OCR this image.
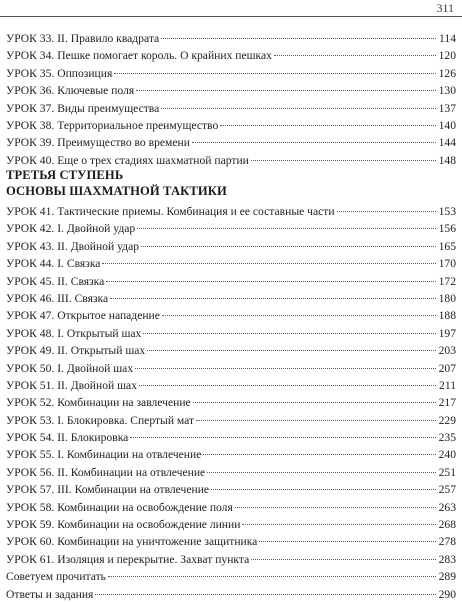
311
УРОК 33. II. Правило квадрата	114
УРОК 34. Пешке помогает король. О крайних пешках	120
УРОК 35. Оппозиция	126
УРОК 36. Ключевые поля	130
УРОК 37. Виды преимущества	137
УРОК 38. Территориальное преимущество	140
УРОК 39. Преимущество во времени	144
УРОК 40. Еще о трех стадиях шахматной партии	148
ТРЕТЬЯ СТУПЕНЬ
ОСНОВЫ ШАХМАТНОЙ ТАКТИКИ
УРОК 41. Тактические приемы. Комбинация и ее составные части	153
УРОК 42. I. Двойной удар	156
УРОК 43. II. Двойной удар	165
УРОК 44. I. Связка	170
УРОК 45. II. Связка	172
УРОК 46. III. Связка	180
УРОК 47. Открытое нападение	188
УРОК 48. I. Открытый шах	197
УРОК 49. II. Открытый шах	203
УРОК 50. I. Двойной шах	207
УРОК 51. II. Двойной шах	211
УРОК 52. Комбинации на завлечение	217
УРОК 53. I. Блокировка. Спертый мат	229
УРОК 54. II. Блокировка	235
УРОК 55. I. Комбинации на отвлечение	240
УРОК 56. II. Комбинации на отвлечение	251
УРОК 57. III. Комбинации на отвлечение	257
УРОК 58. Комбинации на освобождение поля	263
УРОК 59. Комбинации на освобождение линии	268
УРОК 60. Комбинации на уничтожение защитника	278
УРОК 61. Изоляция и перекрытие. Захват пункта	283
Советуем прочитать	289
Ответы и задания	290
